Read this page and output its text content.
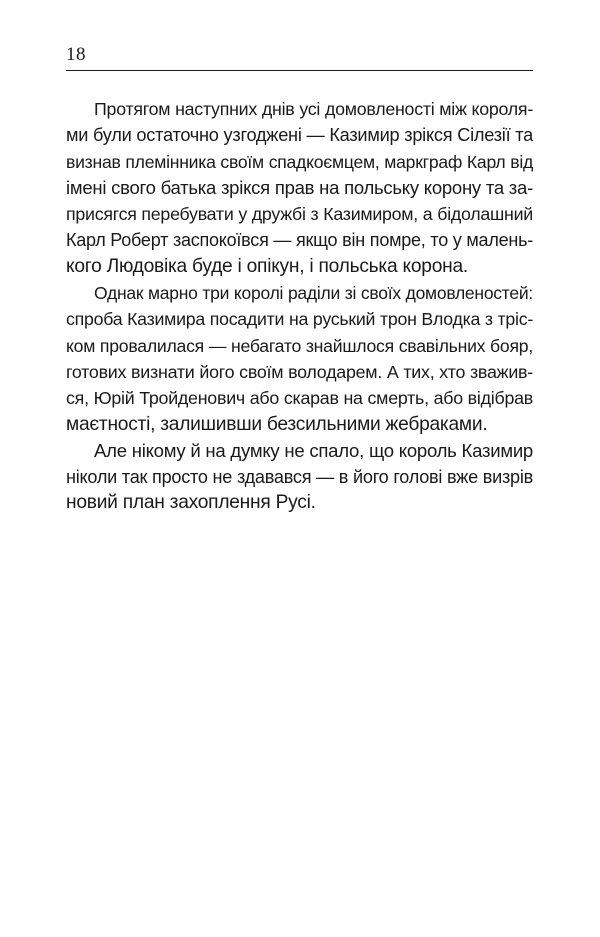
18
Протягом наступних днів усі домовленості між короля-
ми були остаточно узгоджені — Казимир зрікся Сілезії та
визнав племінника своїм спадкоємцем, маркграф Карл від
імені свого батька зрікся прав на польську корону та за-
присягся перебувати у дружбі з Казимиром, а бідолашний
Карл Роберт заспокоївся — якщо він помре, то у малень-
кого Людовіка буде і опікун, і польська корона.
Однак марно три королі раділи зі своїх домовленостей:
спроба Казимира посадити на руський трон Влодка з тріс-
ком провалилася — небагато знайшлося свавільних бояр,
готових визнати його своїм володарем. А тих, хто зважив-
ся, Юрій Тройденович або скарав на смерть, або відібрав
маєтності, залишивши безсильними жебраками.
Але нікому й на думку не спало, що король Казимир
ніколи так просто не здавався — в його голові вже визрів
новий план захоплення Русі.
